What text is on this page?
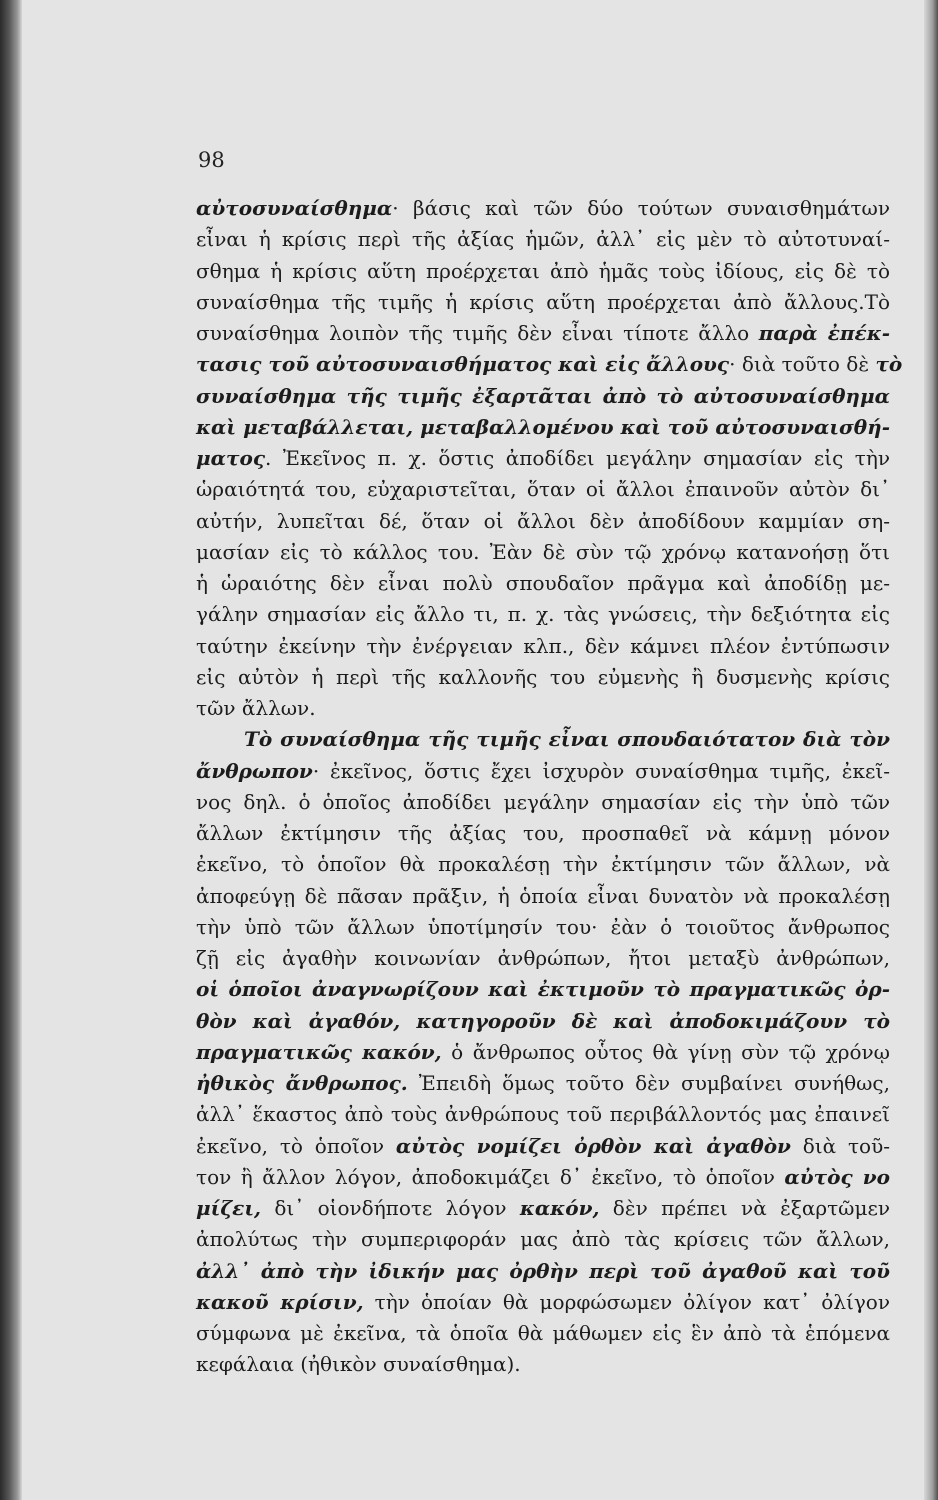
98
αὐτοσυναίσθημα· βάσις καὶ τῶν δύο τούτων συναισθημάτων
εἶναι ἡ κρίσις περὶ τῆς ἀξίας ἡμῶν, ἀλλ᾿ εἰς μὲν τὸ αὐτοτυναί-
σθημα ἡ κρίσις αὕτη προέρχεται ἀπὸ ἡμᾶς τοὺς ἰδίους, εἰς δὲ τὸ
συναίσθημα τῆς τιμῆς ἡ κρίσις αὕτη προέρχεται ἀπὸ ἄλλους.Τὸ
συναίσθημα λοιπὸν τῆς τιμῆς δὲν εἶναι τίποτε ἄλλο παρὰ ἐπέκ-
τασις τοῦ αὐτοσυναισθήματος καὶ εἰς ἄλλους· διὰ τοῦτο δὲ τὸ
συναίσθημα τῆς τιμῆς ἐξαρτᾶται ἀπὸ τὸ αὐτοσυναίσθημα
καὶ μεταβάλλεται, μεταβαλλομένου καὶ τοῦ αὐτοσυναισθή-
ματος. Ἐκεῖνος π. χ. ὅστις ἀποδίδει μεγάλην σημασίαν εἰς τὴν
ὡραιότητά του, εὐχαριστεῖται, ὅταν οἱ ἄλλοι ἐπαινοῦν αὐτὸν δι᾿
αὐτήν, λυπεῖται δέ, ὅταν οἱ ἄλλοι δὲν ἀποδίδουν καμμίαν ση-
μασίαν εἰς τὸ κάλλος του. Ἐὰν δὲ σὺν τῷ χρόνῳ κατανοήσῃ ὅτι
ἡ ὡραιότης δὲν εἶναι πολὺ σπουδαῖον πρᾶγμα καὶ ἀποδίδῃ με-
γάλην σημασίαν εἰς ἄλλο τι, π. χ. τὰς γνώσεις, τὴν δεξιότητα εἰς
ταύτην ἐκείνην τὴν ἐνέργειαν κλπ., δὲν κάμνει πλέον ἐντύπωσιν
εἰς αὐτὸν ἡ περὶ τῆς καλλονῆς του εὐμενὴς ἢ δυσμενὴς κρίσις
τῶν ἄλλων.
Τὸ συναίσθημα τῆς τιμῆς εἶναι σπουδαιότατον διὰ τὸν
ἄνθρωπον· ἐκεῖνος, ὅστις ἔχει ἰσχυρὸν συναίσθημα τιμῆς, ἐκεῖ-
νος δηλ. ὁ ὁποῖος ἀποδίδει μεγάλην σημασίαν εἰς τὴν ὑπὸ τῶν
ἄλλων ἐκτίμησιν τῆς ἀξίας του, προσπαθεῖ νὰ κάμνῃ μόνον
ἐκεῖνο, τὸ ὁποῖον θὰ προκαλέσῃ τὴν ἐκτίμησιν τῶν ἄλλων, νὰ
ἀποφεύγῃ δὲ πᾶσαν πρᾶξιν, ἡ ὁποία εἶναι δυνατὸν νὰ προκαλέσῃ
τὴν ὑπὸ τῶν ἄλλων ὑποτίμησίν του· ἐὰν ὁ τοιοῦτος ἄνθρωπος
ζῇ εἰς ἀγαθὴν κοινωνίαν ἀνθρώπων, ἤτοι μεταξὺ ἀνθρώπων,
οἱ ὁποῖοι ἀναγνωρίζουν καὶ ἐκτιμοῦν τὸ πραγματικῶς ὀρ-
θὸν καὶ ἀγαθόν, κατηγοροῦν δὲ καὶ ἀποδοκιμάζουν τὸ
πραγματικῶς κακόν, ὁ ἄνθρωπος οὗτος θὰ γίνῃ σὺν τῷ χρόνῳ
ἠθικὸς ἄνθρωπος. Ἐπειδὴ ὅμως τοῦτο δὲν συμβαίνει συνήθως,
ἀλλ᾿ ἕκαστος ἀπὸ τοὺς ἀνθρώπους τοῦ περιβάλλοντός μας ἐπαινεῖ
ἐκεῖνο, τὸ ὁποῖον αὐτὸς νομίζει ὀρθὸν καὶ ἀγαθὸν διὰ τοῦ-
τον ἢ ἄλλον λόγον, ἀποδοκιμάζει δ᾿ ἐκεῖνο, τὸ ὁποῖον αὐτὸς νο
μίζει, δι᾿ οἱονδήποτε λόγον κακόν, δὲν πρέπει νὰ ἐξαρτῶμεν
ἀπολύτως τὴν συμπεριφοράν μας ἀπὸ τὰς κρίσεις τῶν ἄλλων,
ἀλλ᾿ ἀπὸ τὴν ἰδικήν μας ὀρθὴν περὶ τοῦ ἀγαθοῦ καὶ τοῦ
κακοῦ κρίσιν, τὴν ὁποίαν θὰ μορφώσωμεν ὀλίγον κατ᾿ ὀλίγον
σύμφωνα μὲ ἐκεῖνα, τὰ ὁποῖα θὰ μάθωμεν εἰς ἓν ἀπὸ τὰ ἑπόμενα
κεφάλαια (ἠθικὸν συναίσθημα).
